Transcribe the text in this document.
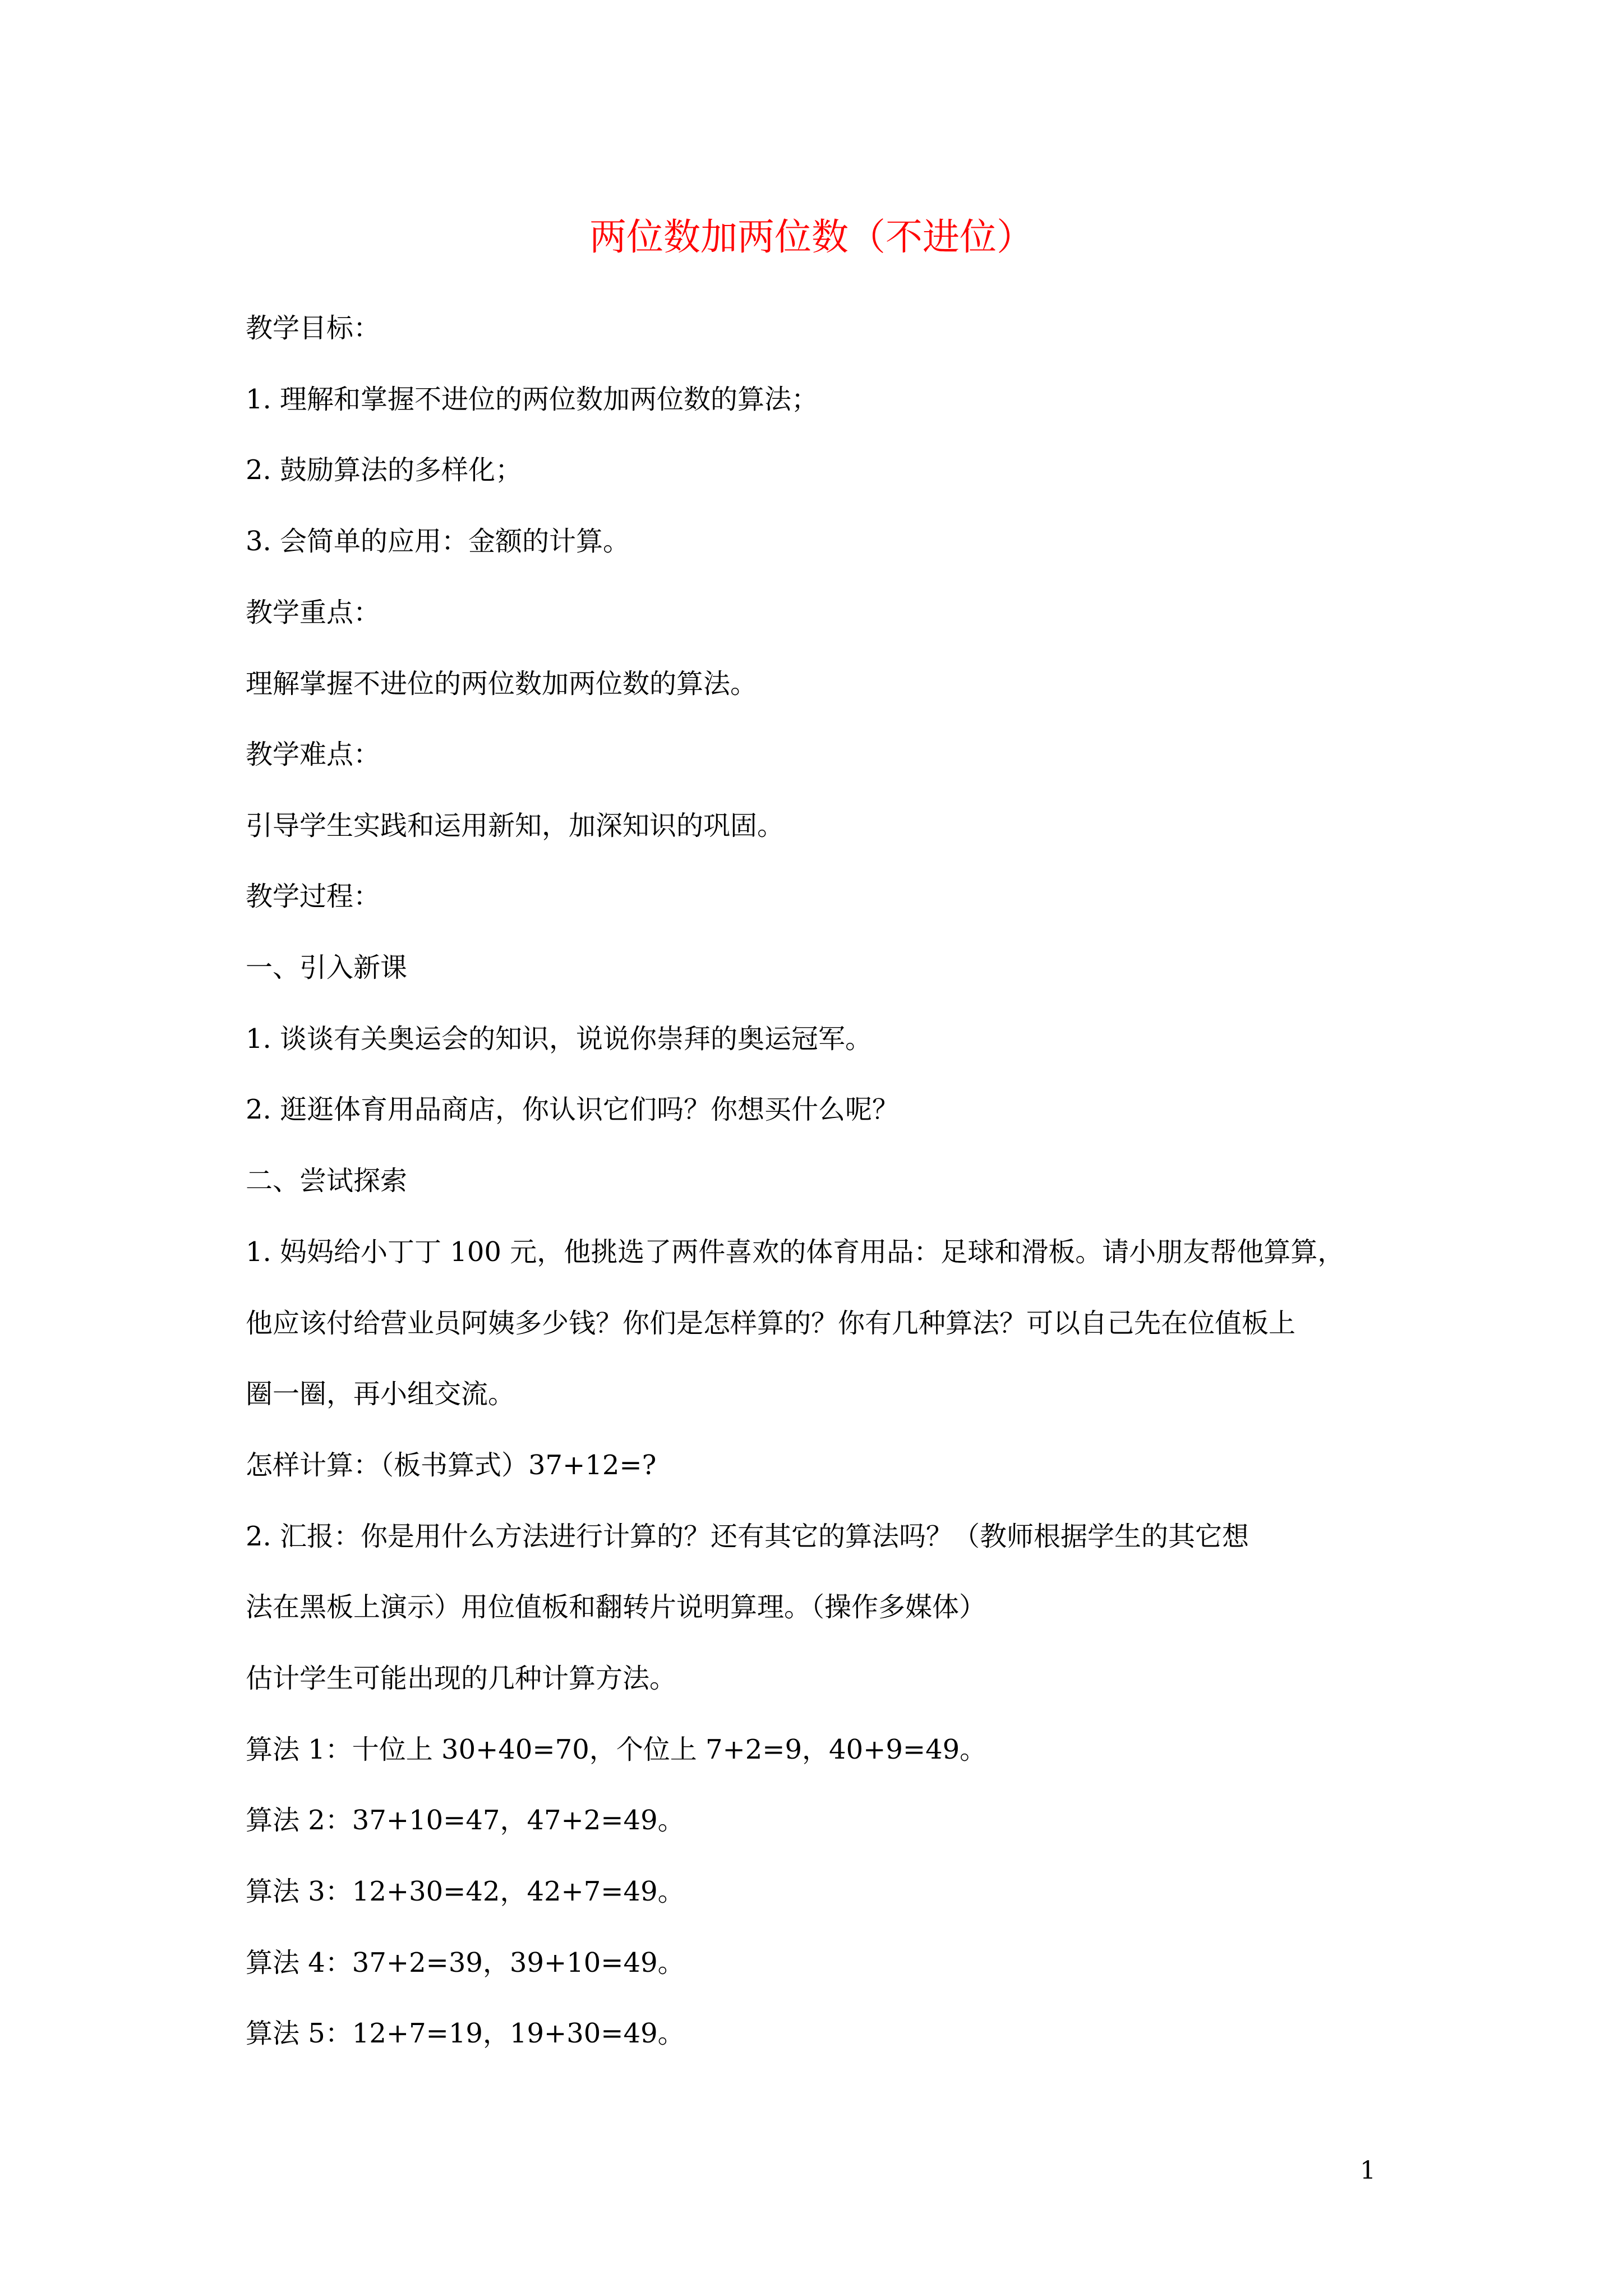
两位数加两位数（不进位）
教学目标：
1. 理解和掌握不进位的两位数加两位数的算法；
2. 鼓励算法的多样化；
3. 会简单的应用：金额的计算。
教学重点：
理解掌握不进位的两位数加两位数的算法。
教学难点：
引导学生实践和运用新知，加深知识的巩固。
教学过程：
一、引入新课
1. 谈谈有关奥运会的知识，说说你崇拜的奥运冠军。
2. 逛逛体育用品商店，你认识它们吗？你想买什么呢？
二、尝试探索
1. 妈妈给小丁丁 100 元，他挑选了两件喜欢的体育用品：足球和滑板。请小朋友帮他算算，
他应该付给营业员阿姨多少钱？你们是怎样算的？你有几种算法？可以自己先在位值板上
圈一圈，再小组交流。
怎样计算：（板书算式）37+12=?
2. 汇报：你是用什么方法进行计算的？还有其它的算法吗？（教师根据学生的其它想
法在黑板上演示）用位值板和翻转片说明算理。（操作多媒体）
估计学生可能出现的几种计算方法。
算法 1：十位上 30+40=70，个位上 7+2=9，40+9=49。
算法 2：37+10=47，47+2=49。
算法 3：12+30=42，42+7=49。
算法 4：37+2=39，39+10=49。
算法 5：12+7=19，19+30=49。
1
